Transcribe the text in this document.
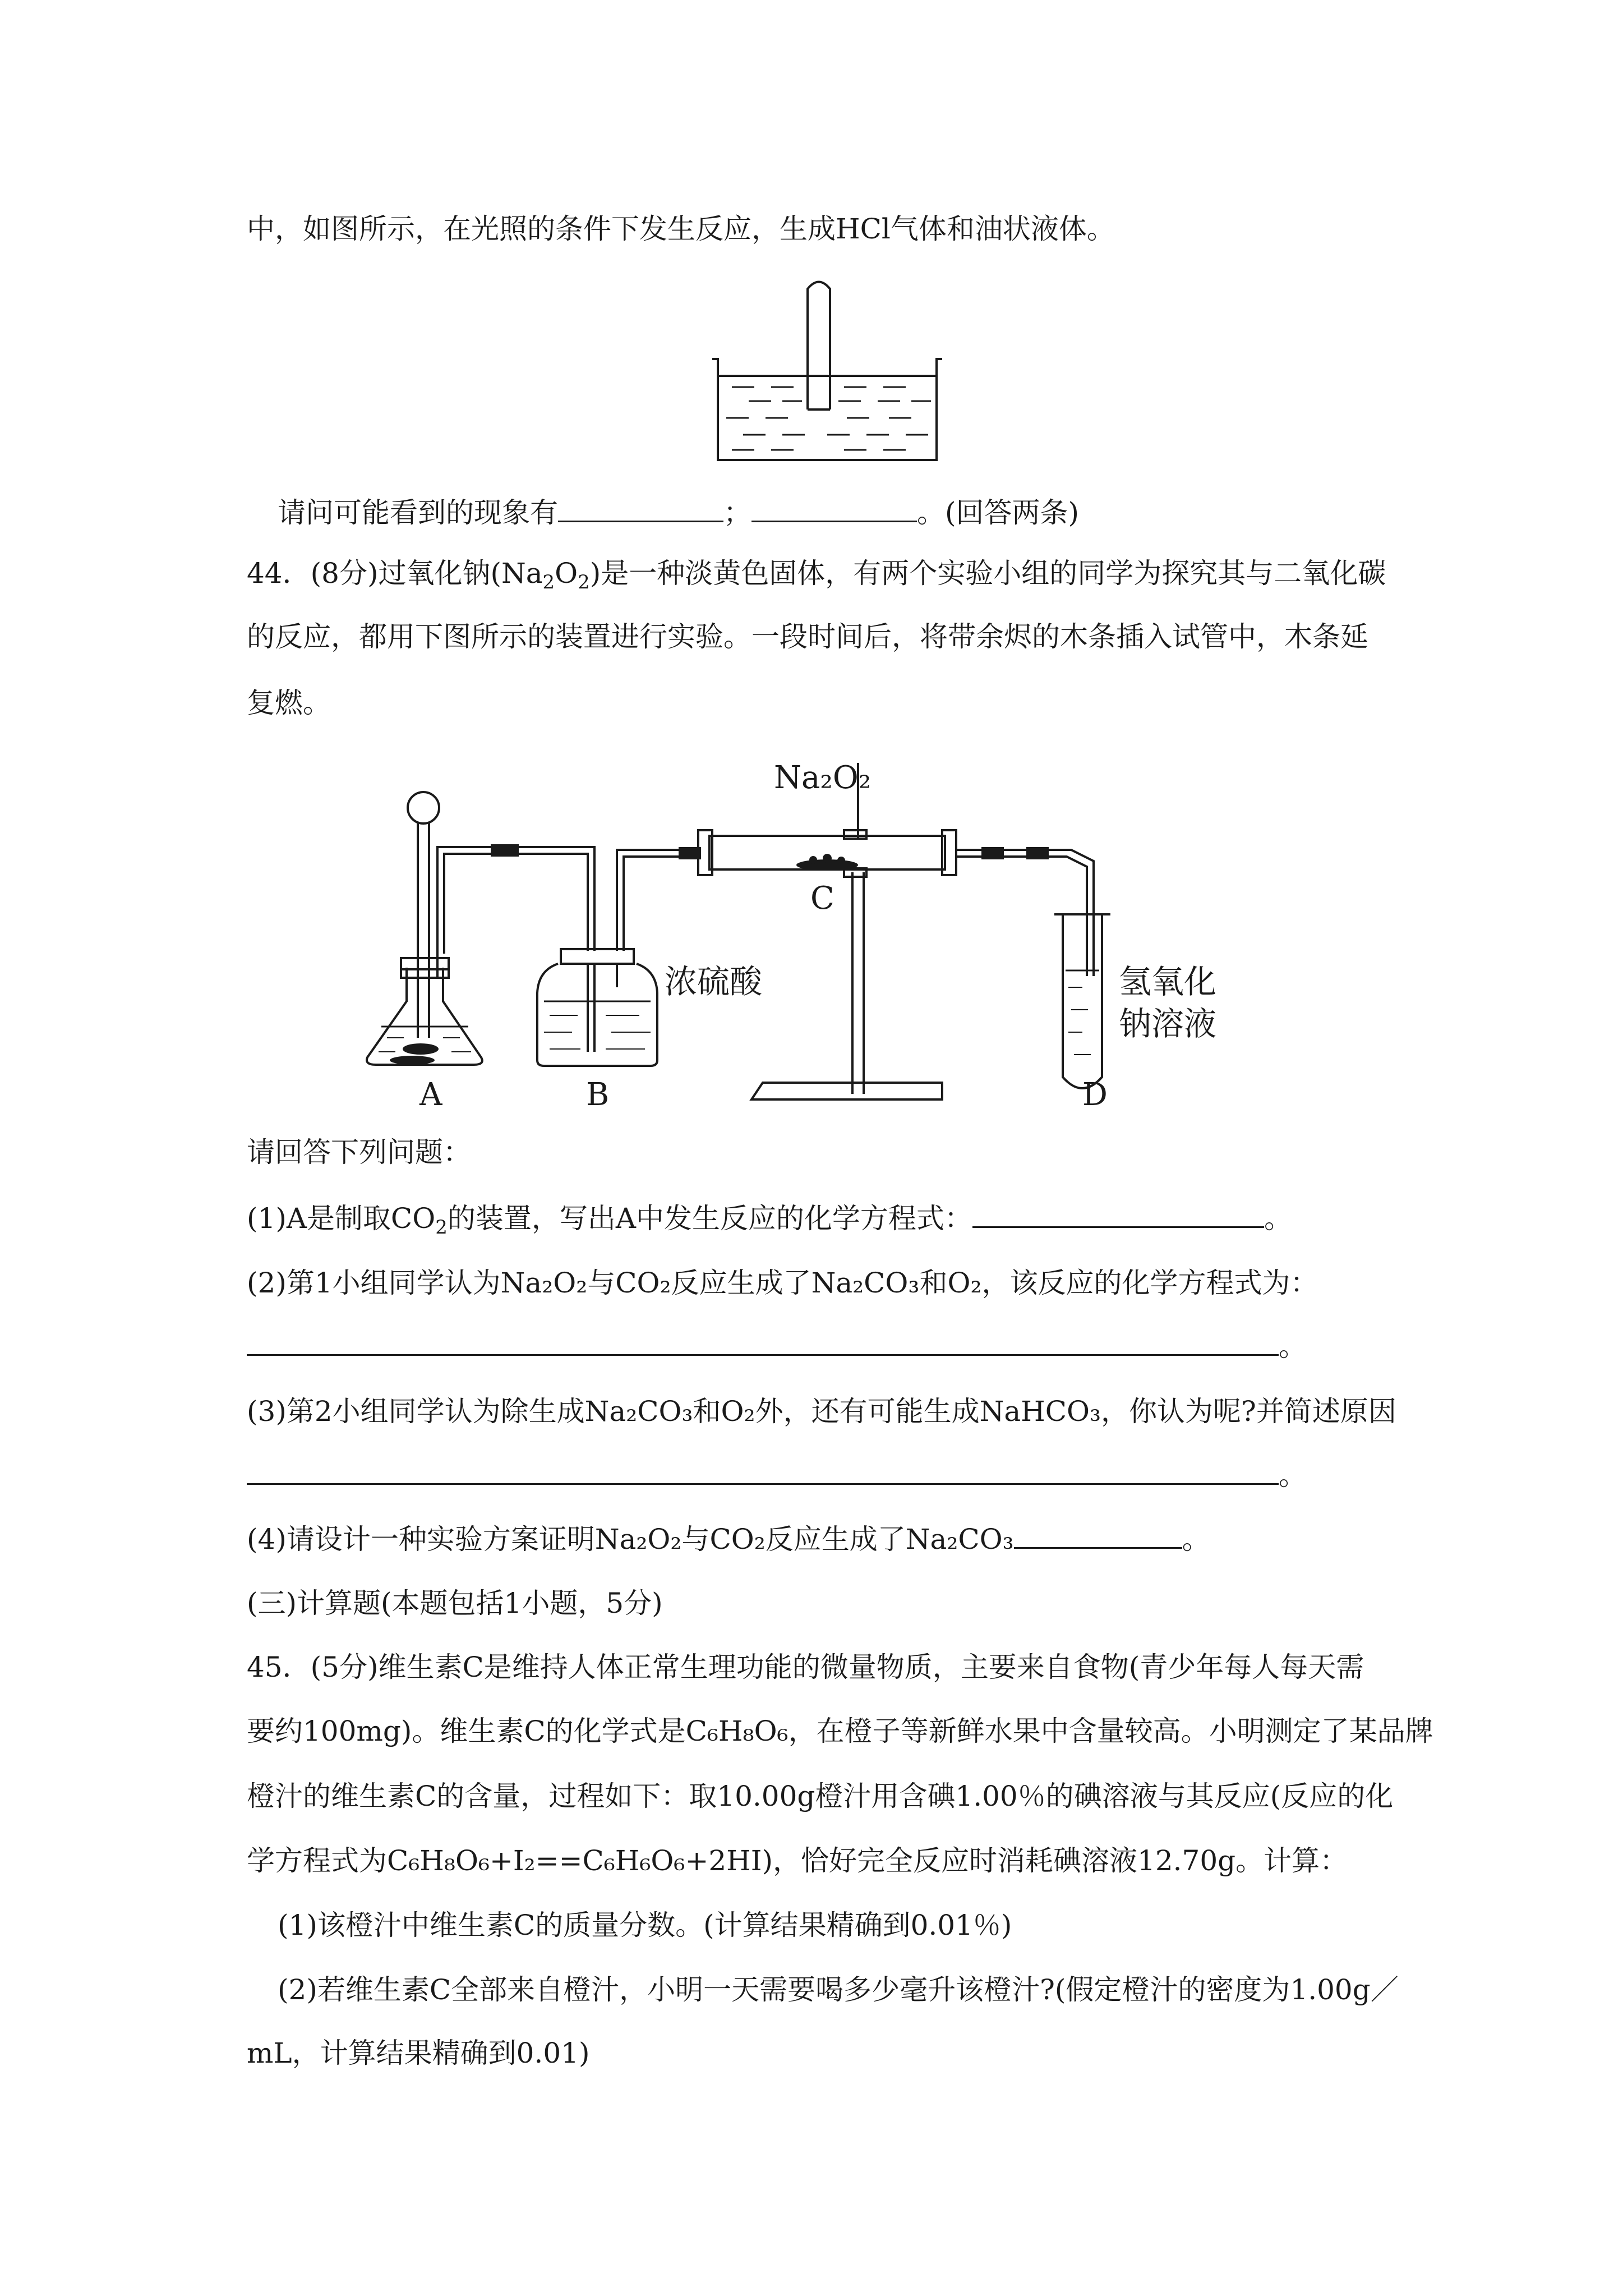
中，如图所示，在光照的条件下发生反应，生成HCl气体和油状液体。
请问可能看到的现象有	；	。(回答两条)
44．(8分)过氧化钠$(Na_2O_2)$是一种淡黄色固体，有两个实验小组的同学为探究其与二氧化碳
的反应，都用下图所示的装置进行实验。一段时间后，将带余烬的木条插入试管中，木条延
复燃。
A	B
C
D
Na₂O₂
浓硫酸	氢氧化
钠溶液
请回答下列问题：
(1)A是制取$CO_2$的装置，写出A中发生反应的化学方程式：	。
(2)第1小组同学认为Na₂O₂与CO₂反应生成了Na₂CO₃和O₂，该反应的化学方程式为：
。
(3)第2小组同学认为除生成Na₂CO₃和O₂外，还有可能生成NaHCO₃，你认为呢?并简述原因
。
(4)请设计一种实验方案证明Na₂O₂与CO₂反应生成了Na₂CO₃	。
(三)计算题(本题包括1小题，5分)
45．(5分)维生素C是维持人体正常生理功能的微量物质，主要来自食物(青少年每人每天需
要约100mg)。维生素C的化学式是C₆H₈O₆，在橙子等新鲜水果中含量较高。小明测定了某品牌
橙汁的维生素C的含量，过程如下：取10.00g橙汁用含碘1.00％的碘溶液与其反应(反应的化
学方程式为C₆H₈O₆+I₂==C₆H₆O₆+2HI)，恰好完全反应时消耗碘溶液12.70g。计算：
(1)该橙汁中维生素C的质量分数。(计算结果精确到0.01％)
(2)若维生素C全部来自橙汁，小明一天需要喝多少毫升该橙汁?(假定橙汁的密度为1.00g／
mL，计算结果精确到0.01)
